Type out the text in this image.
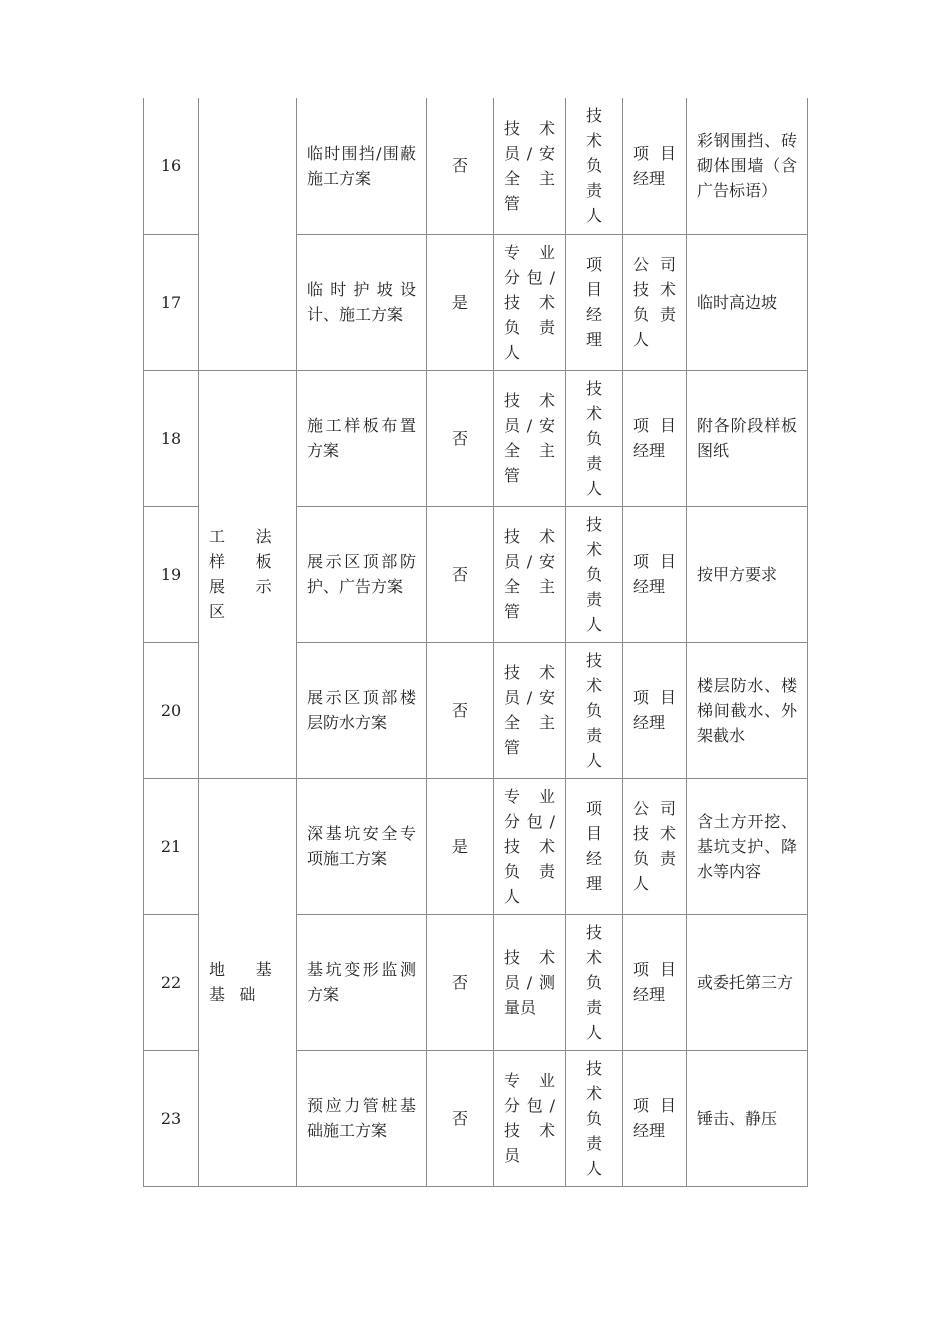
16		临时围挡/围蔽施工方案	否	技 术员/安全 主管	技术负责人	项目经理	彩钢围挡、砖砌体围墙（含广告标语）

17		临时护坡设计、施工方案	是	专 业分包/技 术负 责人	项目经理	公司技术负责人	临时高边坡

18	工法样板 展示区	施工样板布置方案	否	技 术员/安全 主管	技术负责人	项目经理	附各阶段样板图纸

19		展示区顶部防护、广告方案	否	技 术员/安全 主管	技术负责人	项目经理	按甲方要求

20		展示区顶部楼层防水方案	否	技 术员/安全 主管	技术负责人	项目经理	楼层防水、楼梯间截水、外架截水

21	地基基础	深基坑安全专项施工方案	是	专 业分包/技 术负 责人	项目经理	公司技术负责人	含土方开挖、基坑支护、降水等内容

22		基坑变形监测方案	否	技 术员/测量员	技术负责人	项目经理	或委托第三方

23		预应力管桩基础施工方案	否	专 业分包/技 术员	技术负责人	项目经理	锤击、静压
